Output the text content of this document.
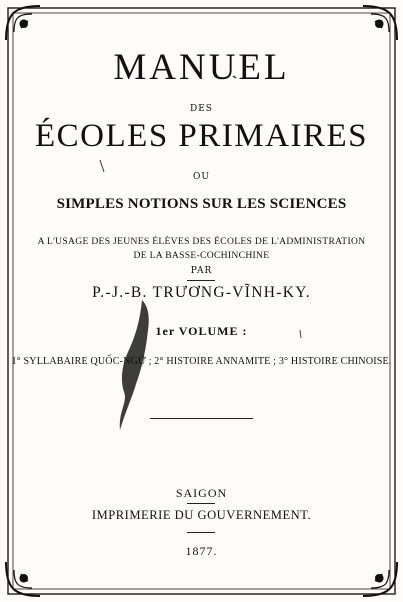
MANUEL
DES
ÉCOLES PRIMAIRES
OU
SIMPLES NOTIONS SUR LES SCIENCES
A L'USAGE DES JEUNES ÉLÈVES DES ÉCOLES DE L'ADMINISTRATION
DE LA BASSE-COCHINCHINE
PAR
P.-J.-B. TRƯƠNG-VĨNH-KY.
1er VOLUME :
1° SYLLABAIRE QUỐC-NGỮ ; 2° HISTOIRE ANNAMITE ; 3° HISTOIRE CHINOISE.
SAIGON
IMPRIMERIE DU GOUVERNEMENT.
1877.
